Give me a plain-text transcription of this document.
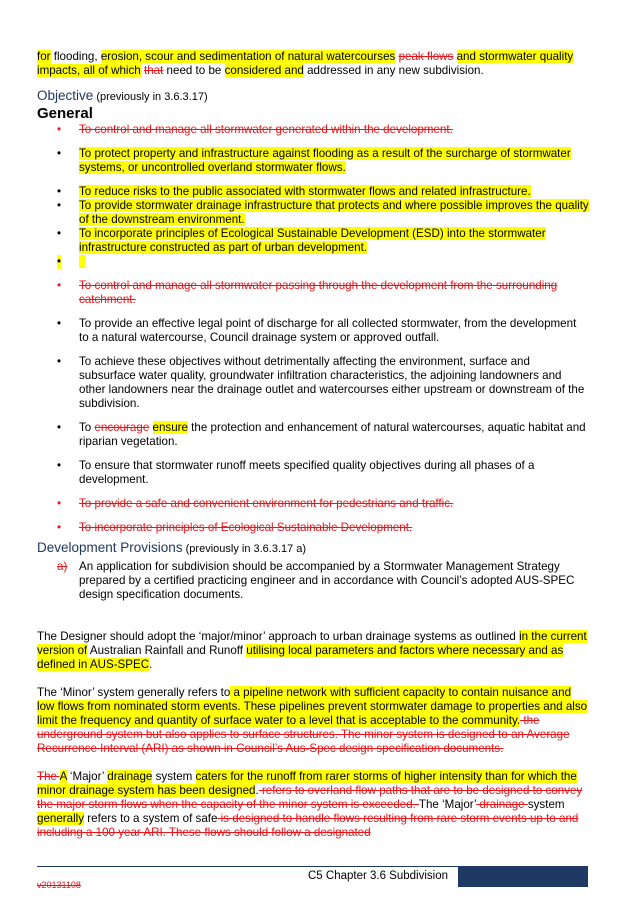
for flooding, erosion, scour and sedimentation of natural watercourses peak flows and stormwater quality impacts, all of which that need to be considered and addressed in any new subdivision.

Objective (previously in 3.6.3.17)

General

• To control and manage all stormwater generated within the development.
• To protect property and infrastructure against flooding as a result of the surcharge of stormwater systems, or uncontrolled overland stormwater flows.
• To reduce risks to the public associated with stormwater flows and related infrastructure.
• To provide stormwater drainage infrastructure that protects and where possible improves the quality of the downstream environment.
• To incorporate principles of Ecological Sustainable Development (ESD) into the stormwater infrastructure constructed as part of urban development.
•

• To control and manage all stormwater passing through the development from the surrounding catchment.
• To provide an effective legal point of discharge for all collected stormwater, from the development to a natural watercourse, Council drainage system or approved outfall.
• To achieve these objectives without detrimentally affecting the environment, surface and subsurface water quality, groundwater infiltration characteristics, the adjoining landowners and other landowners near the drainage outlet and watercourses either upstream or downstream of the subdivision.
• To encourage ensure the protection and enhancement of natural watercourses, aquatic habitat and riparian vegetation.
• To ensure that stormwater runoff meets specified quality objectives during all phases of a development.
• To provide a safe and convenient environment for pedestrians and traffic.
• To incorporate principles of Ecological Sustainable Development.

Development Provisions (previously in 3.6.3.17 a)

a) An application for subdivision should be accompanied by a Stormwater Management Strategy prepared by a certified practicing engineer and in accordance with Council’s adopted AUS-SPEC design specification documents.

The Designer should adopt the ‘major/minor’ approach to urban drainage systems as outlined in the current version of Australian Rainfall and Runoff utilising local parameters and factors where necessary and as defined in AUS-SPEC.

The ‘Minor’ system generally refers to a pipeline network with sufficient capacity to contain nuisance and low flows from nominated storm events. These pipelines prevent stormwater damage to properties and also limit the frequency and quantity of surface water to a level that is acceptable to the community. the underground system but also applies to surface structures. The minor system is designed to an Average Recurrence Interval (ARI) as shown in Council’s Aus-Spec design specification documents.

The A ‘Major’ drainage system caters for the runoff from rarer storms of higher intensity than for which the minor drainage system has been designed. refers to overland flow paths that are to be designed to convey the major storm flows when the capacity of the minor system is exceeded. The ‘Major’ drainage system generally refers to a system of safe is designed to handle flows resulting from rare storm events up to and including a 100 year ARI. These flows should follow a designated

v20131108
C5 Chapter 3.6 Subdivision
